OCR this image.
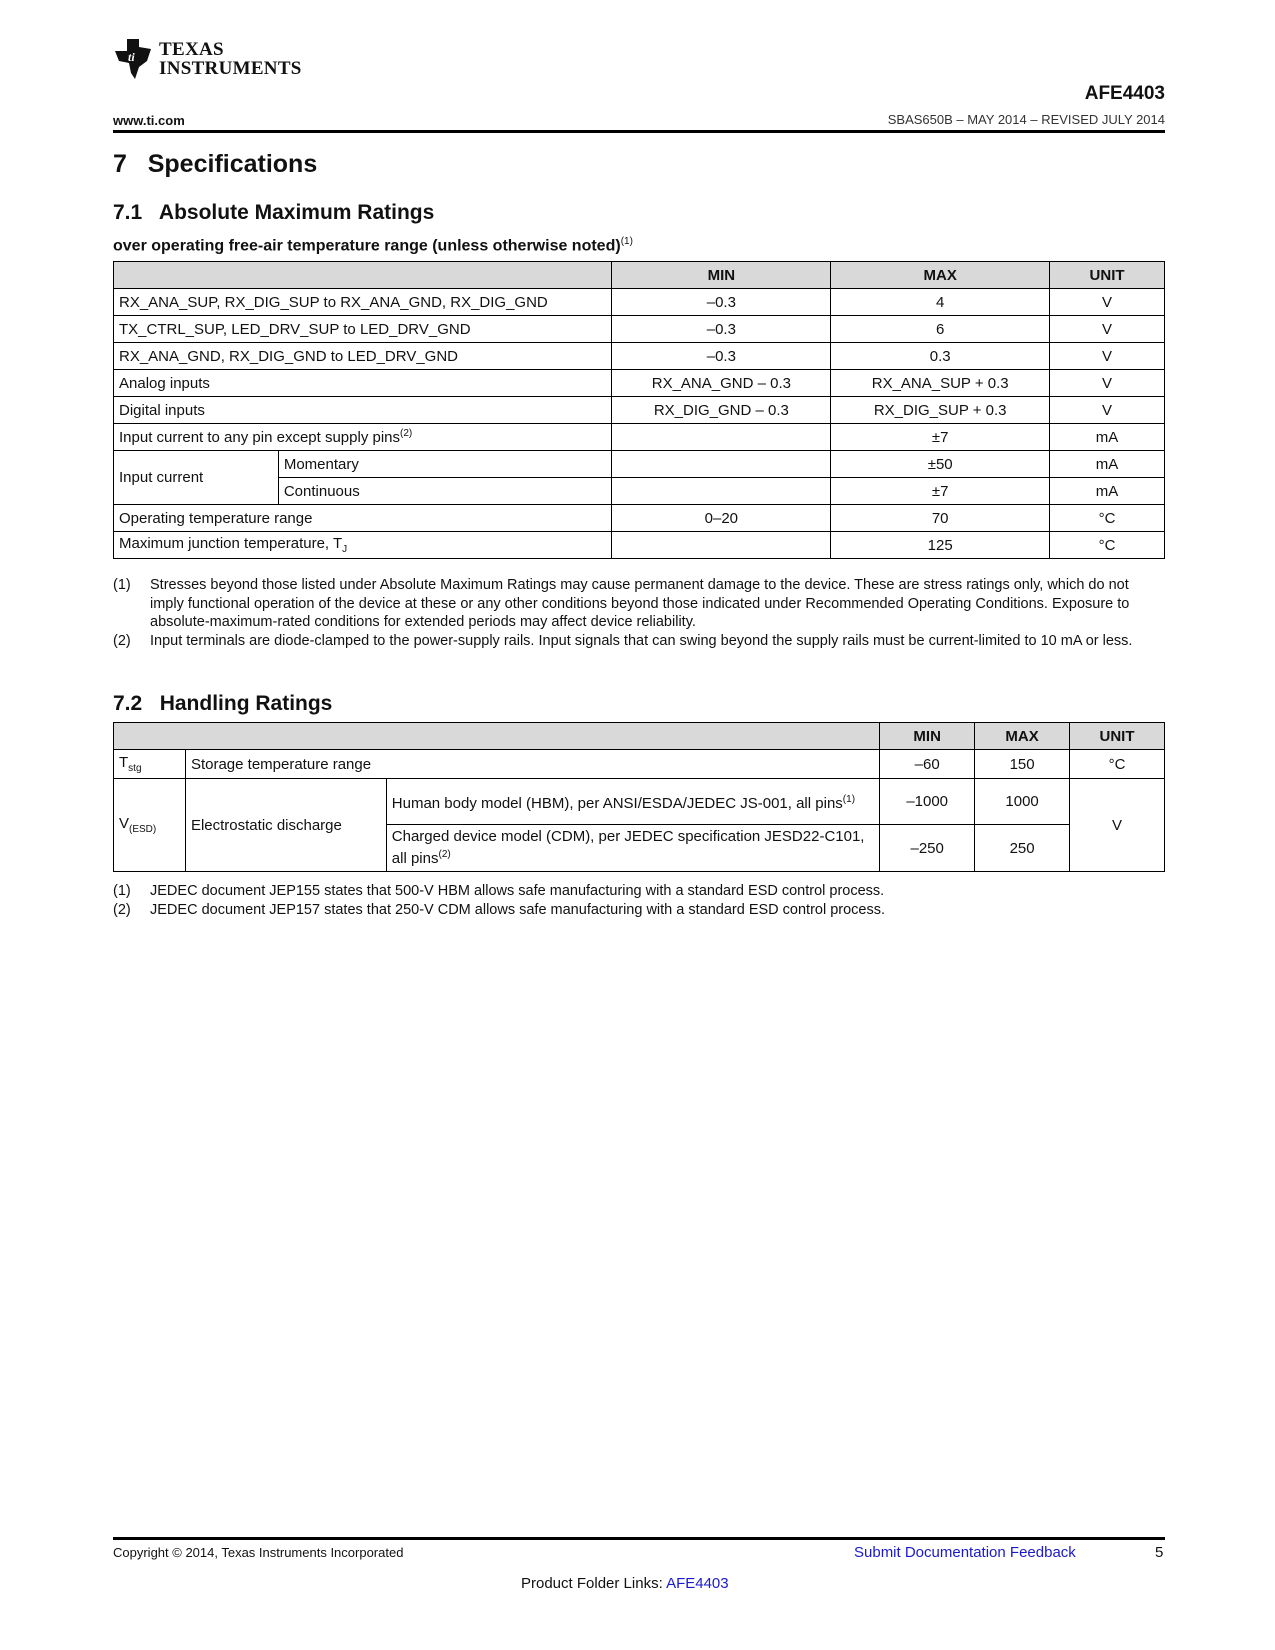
ti TEXAS
INSTRUMENTS
AFE4403
www.ti.com	SBAS650B – MAY 2014 – REVISED JULY 2014
7   Specifications
7.1   Absolute Maximum Ratings
over operating free-air temperature range (unless otherwise noted)$^{(1)}$
		MIN	MAX	UNIT
RX_ANA_SUP, RX_DIG_SUP to RX_ANA_GND, RX_DIG_GND		–0.3	4	V
TX_CTRL_SUP, LED_DRV_SUP to LED_DRV_GND		–0.3	6	V
RX_ANA_GND, RX_DIG_GND to LED_DRV_GND		–0.3	0.3	V
Analog inputs		RX_ANA_GND – 0.3	RX_ANA_SUP + 0.3	V
Digital inputs		RX_DIG_GND – 0.3	RX_DIG_SUP + 0.3	V
Input current to any pin except supply pins$^{(2)}$			±7	mA
Input current	Momentary		±50	mA
	Continuous		±7	mA
Operating temperature range		0–20	70	°C
Maximum junction temperature, $T_J$			125	°C
(1)	Stresses beyond those listed under Absolute Maximum Ratings may cause permanent damage to the device. These are stress ratings only, which do not imply functional operation of the device at these or any other conditions beyond those indicated under Recommended Operating Conditions. Exposure to absolute-maximum-rated conditions for extended periods may affect device reliability.
(2)	Input terminals are diode-clamped to the power-supply rails. Input signals that can swing beyond the supply rails must be current-limited to 10 mA or less.
7.2   Handling Ratings
			MIN	MAX	UNIT
$T_{stg}$	Storage temperature range		–60	150	°C
$V_{(ESD)}$	Electrostatic discharge	Human body model (HBM), per ANSI/ESDA/JEDEC JS-001, all pins$^{(1)}$	–1000	1000	V
		Charged device model (CDM), per JEDEC specification JESD22-C101, all pins$^{(2)}$	–250	250	
(1)	JEDEC document JEP155 states that 500-V HBM allows safe manufacturing with a standard ESD control process.
(2)	JEDEC document JEP157 states that 250-V CDM allows safe manufacturing with a standard ESD control process.
Copyright © 2014, Texas Instruments Incorporated	Submit Documentation Feedback	5
Product Folder Links: AFE4403
